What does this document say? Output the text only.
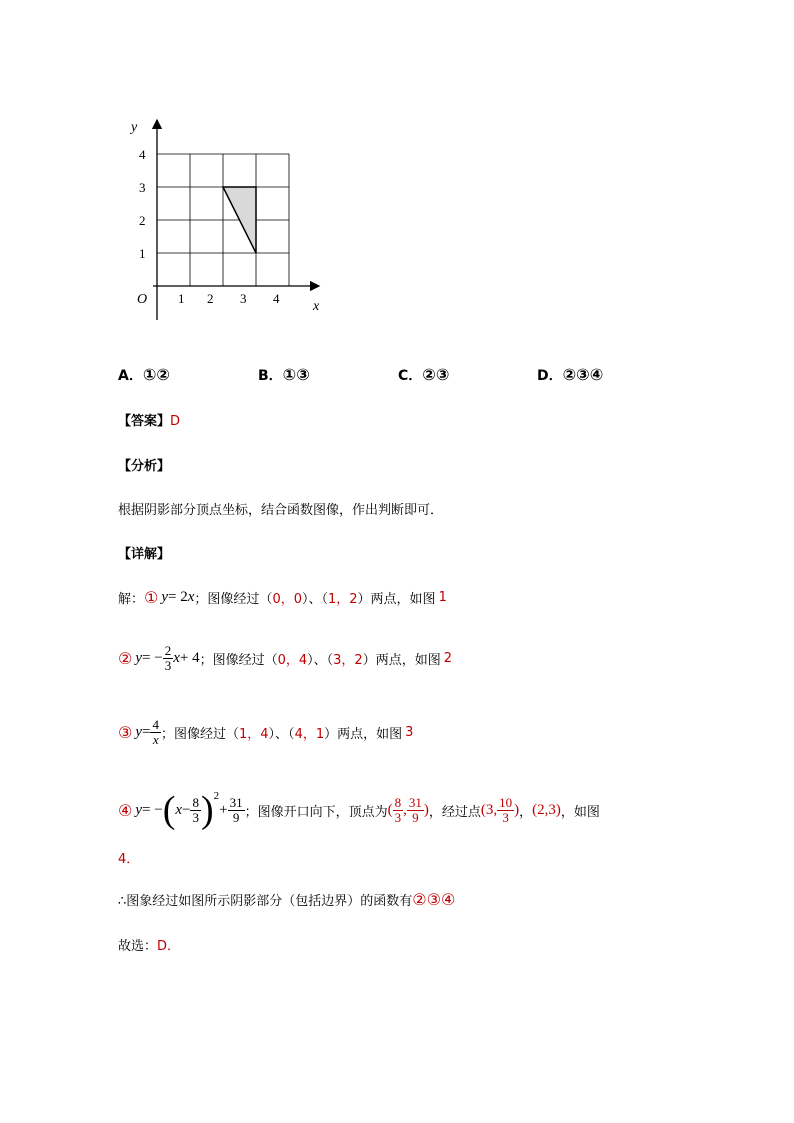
y
x
O 1 2 3 4
1
2
3
4
A．①②	B．①③	C．②③	D．②③④
【答案】D
【分析】
根据阴影部分顶点坐标，结合函数图像，作出判断即可．
【详解】
解： ① y = 2 x ；图像经过（ 0，0 ）、（ 1，2 ）两点，如图 1
② y = − $\frac{2}{3}$ x + 4 ；图像经过（ 0，4 ）、（ 3，2 ）两点，如图 2
③ $y = \frac{4}{x}$ ；图像经过（ 1，4 ）、（ 4，1 ）两点，如图 3
④ y = − ( $x - \frac{8}{3} )^2$
+ $\frac{31}{9}$ ；图像开口向下，顶点为 ( $\frac{8}{3}$ , $\frac{31}{9}$ ) ，经过点 (3, $\frac{10}{3}$ ) ， (2,3) ，如图
4．
∴图象经过如图所示阴影部分（包括边界）的函数有②③④
故选：D．
